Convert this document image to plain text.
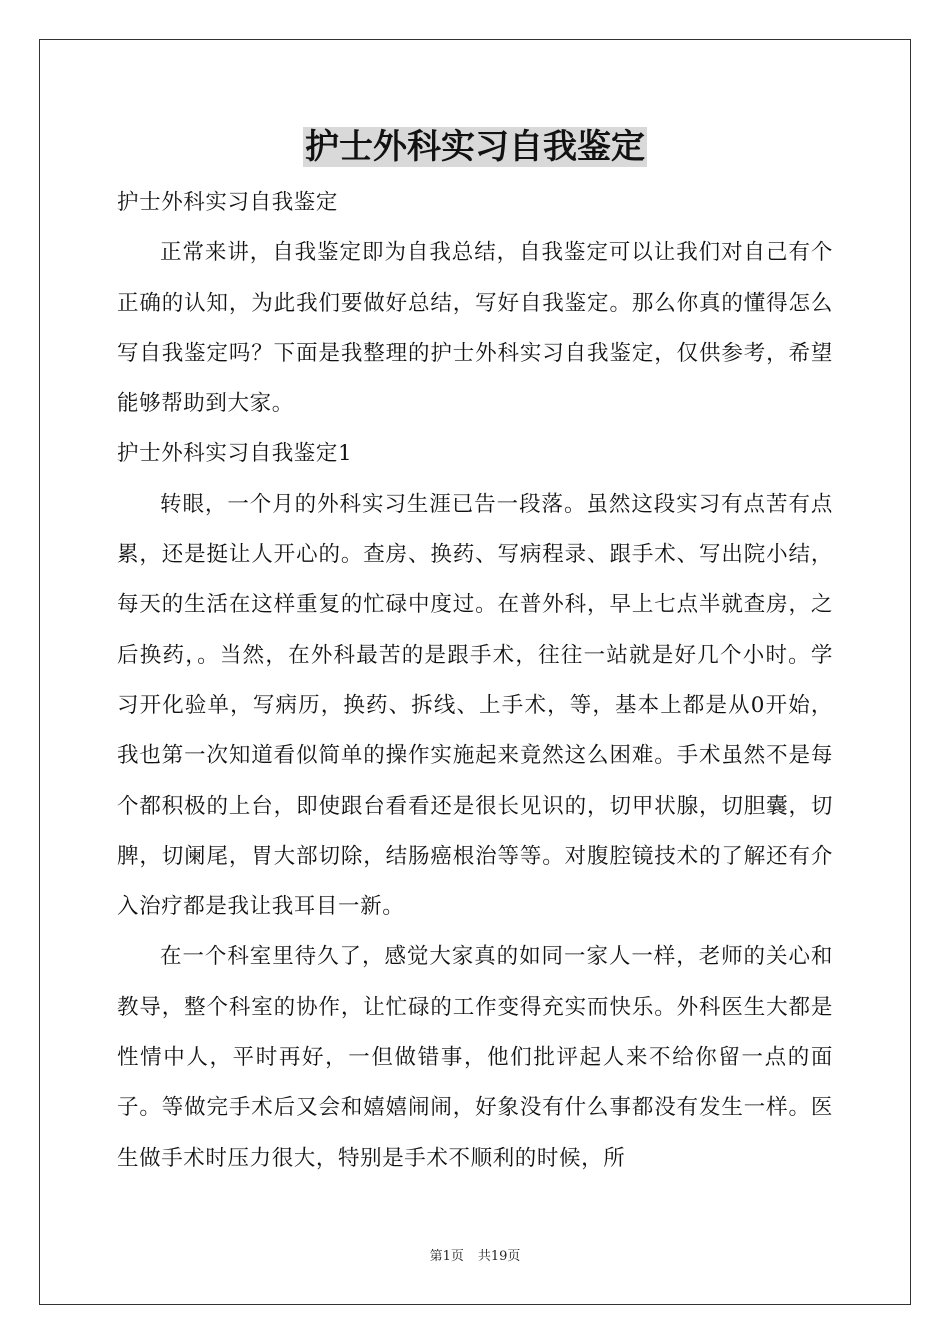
护士外科实习自我鉴定

护士外科实习自我鉴定

正常来讲，自我鉴定即为自我总结，自我鉴定可以让我们对自己有个正确的认知，为此我们要做好总结，写好自我鉴定。那么你真的懂得怎么写自我鉴定吗？下面是我整理的护士外科实习自我鉴定，仅供参考，希望能够帮助到大家。

护士外科实习自我鉴定1

转眼，一个月的外科实习生涯已告一段落。虽然这段实习有点苦有点累，还是挺让人开心的。查房、换药、写病程录、跟手术、写出院小结，每天的生活在这样重复的忙碌中度过。在普外科，早上七点半就查房，之后换药，。当然，在外科最苦的是跟手术，往往一站就是好几个小时。学习开化验单，写病历，换药、拆线、上手术，等，基本上都是从0开始，我也第一次知道看似简单的操作实施起来竟然这么困难。手术虽然不是每个都积极的上台，即使跟台看看还是很长见识的，切甲状腺，切胆囊，切脾，切阑尾，胃大部切除，结肠癌根治等等。对腹腔镜技术的了解还有介入治疗都是我让我耳目一新。

在一个科室里待久了，感觉大家真的如同一家人一样，老师的关心和教导，整个科室的协作，让忙碌的工作变得充实而快乐。外科医生大都是性情中人，平时再好，一但做错事，他们批评起人来不给你留一点的面子。等做完手术后又会和嬉嬉闹闹，好象没有什么事都没有发生一样。医生做手术时压力很大，特别是手术不顺利的时候，所

第1页 共19页
